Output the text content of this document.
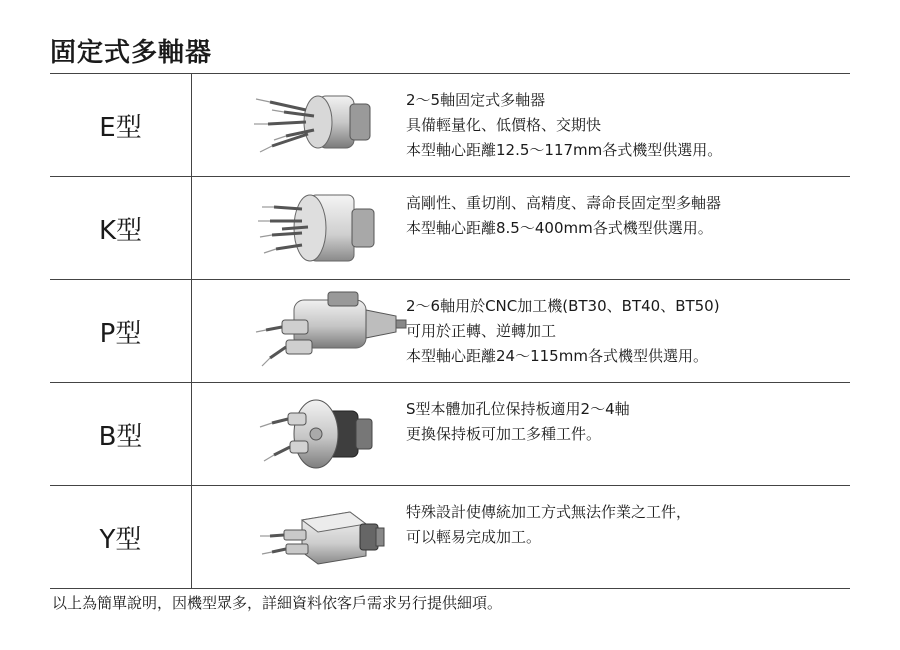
固定式多軸器
E型
2～5軸固定式多軸器
具備輕量化、低價格、交期快
本型軸心距離12.5～117mm各式機型供選用。
K型
高剛性、重切削、高精度、壽命長固定型多軸器
本型軸心距離8.5～400mm各式機型供選用。
P型
2～6軸用於CNC加工機(BT30、BT40、BT50)
可用於正轉、逆轉加工
本型軸心距離24～115mm各式機型供選用。
B型
S型本體加孔位保持板適用2～4軸
更換保持板可加工多種工件。
Y型
特殊設計使傳統加工方式無法作業之工件，
可以輕易完成加工。
以上為簡單說明，因機型眾多，詳細資料依客戶需求另行提供細項。
